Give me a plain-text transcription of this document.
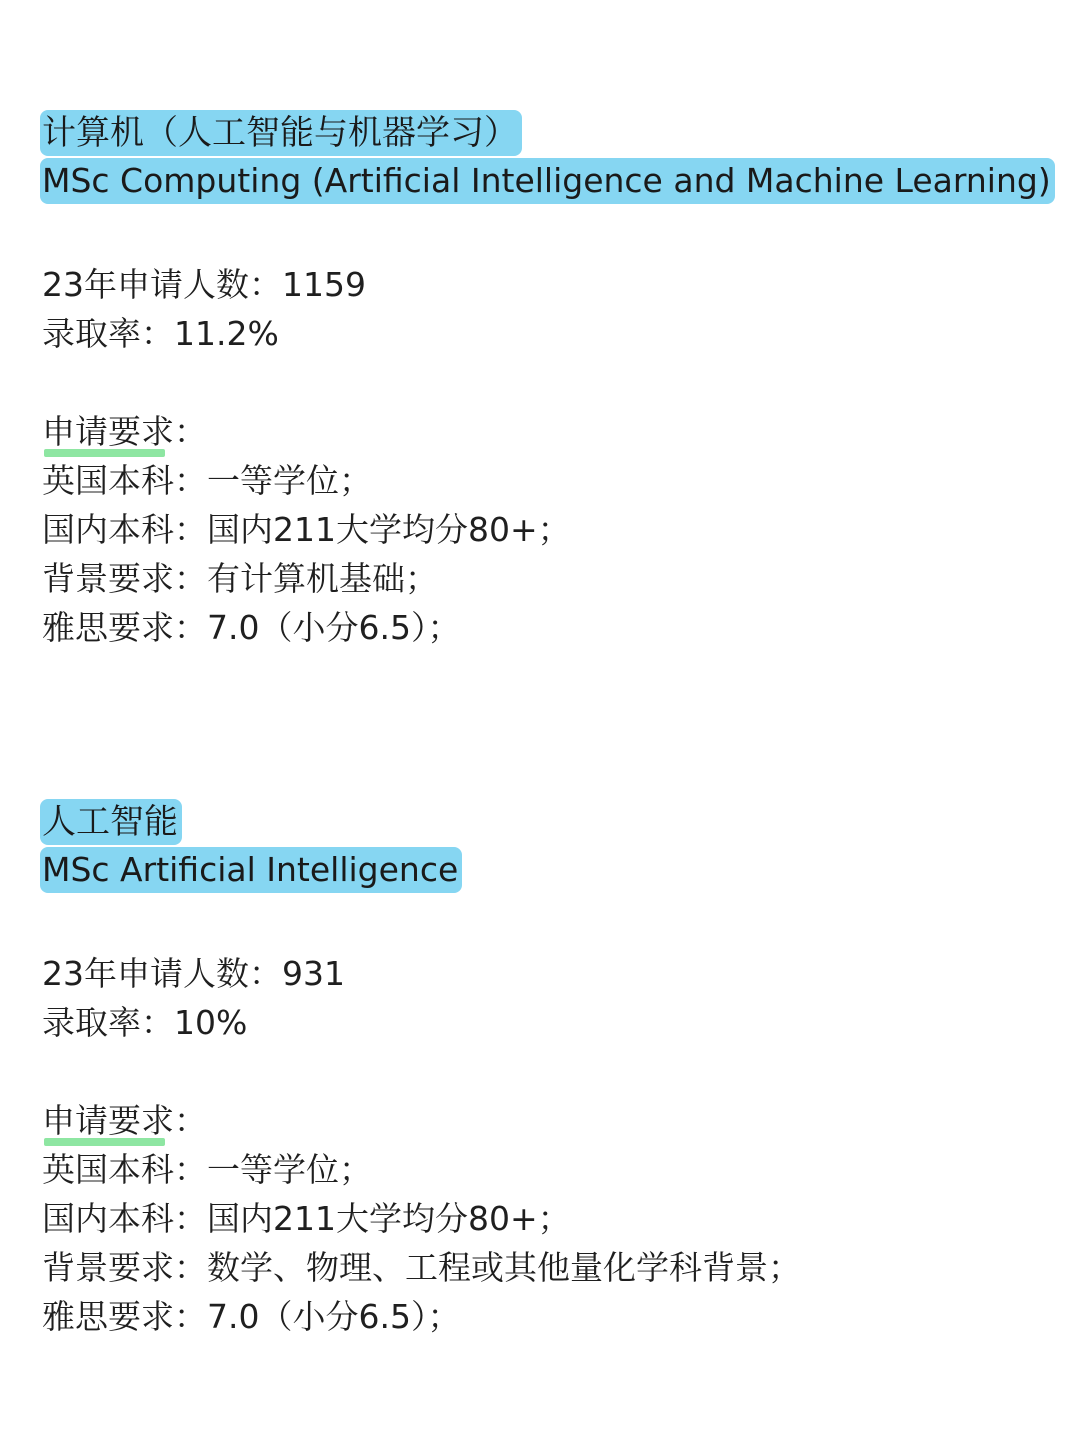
计算机（人工智能与机器学习）
MSc Computing (Artificial Intelligence and Machine Learning)
23年申请人数：1159
录取率：11.2%
申请要求：
英国本科：一等学位；
国内本科：国内211大学均分80+；
背景要求：有计算机基础；
雅思要求：7.0（小分6.5）；
人工智能
MSc Artificial Intelligence
23年申请人数：931
录取率：10%
申请要求：
英国本科：一等学位；
国内本科：国内211大学均分80+；
背景要求：数学、物理、工程或其他量化学科背景；
雅思要求：7.0（小分6.5）；
